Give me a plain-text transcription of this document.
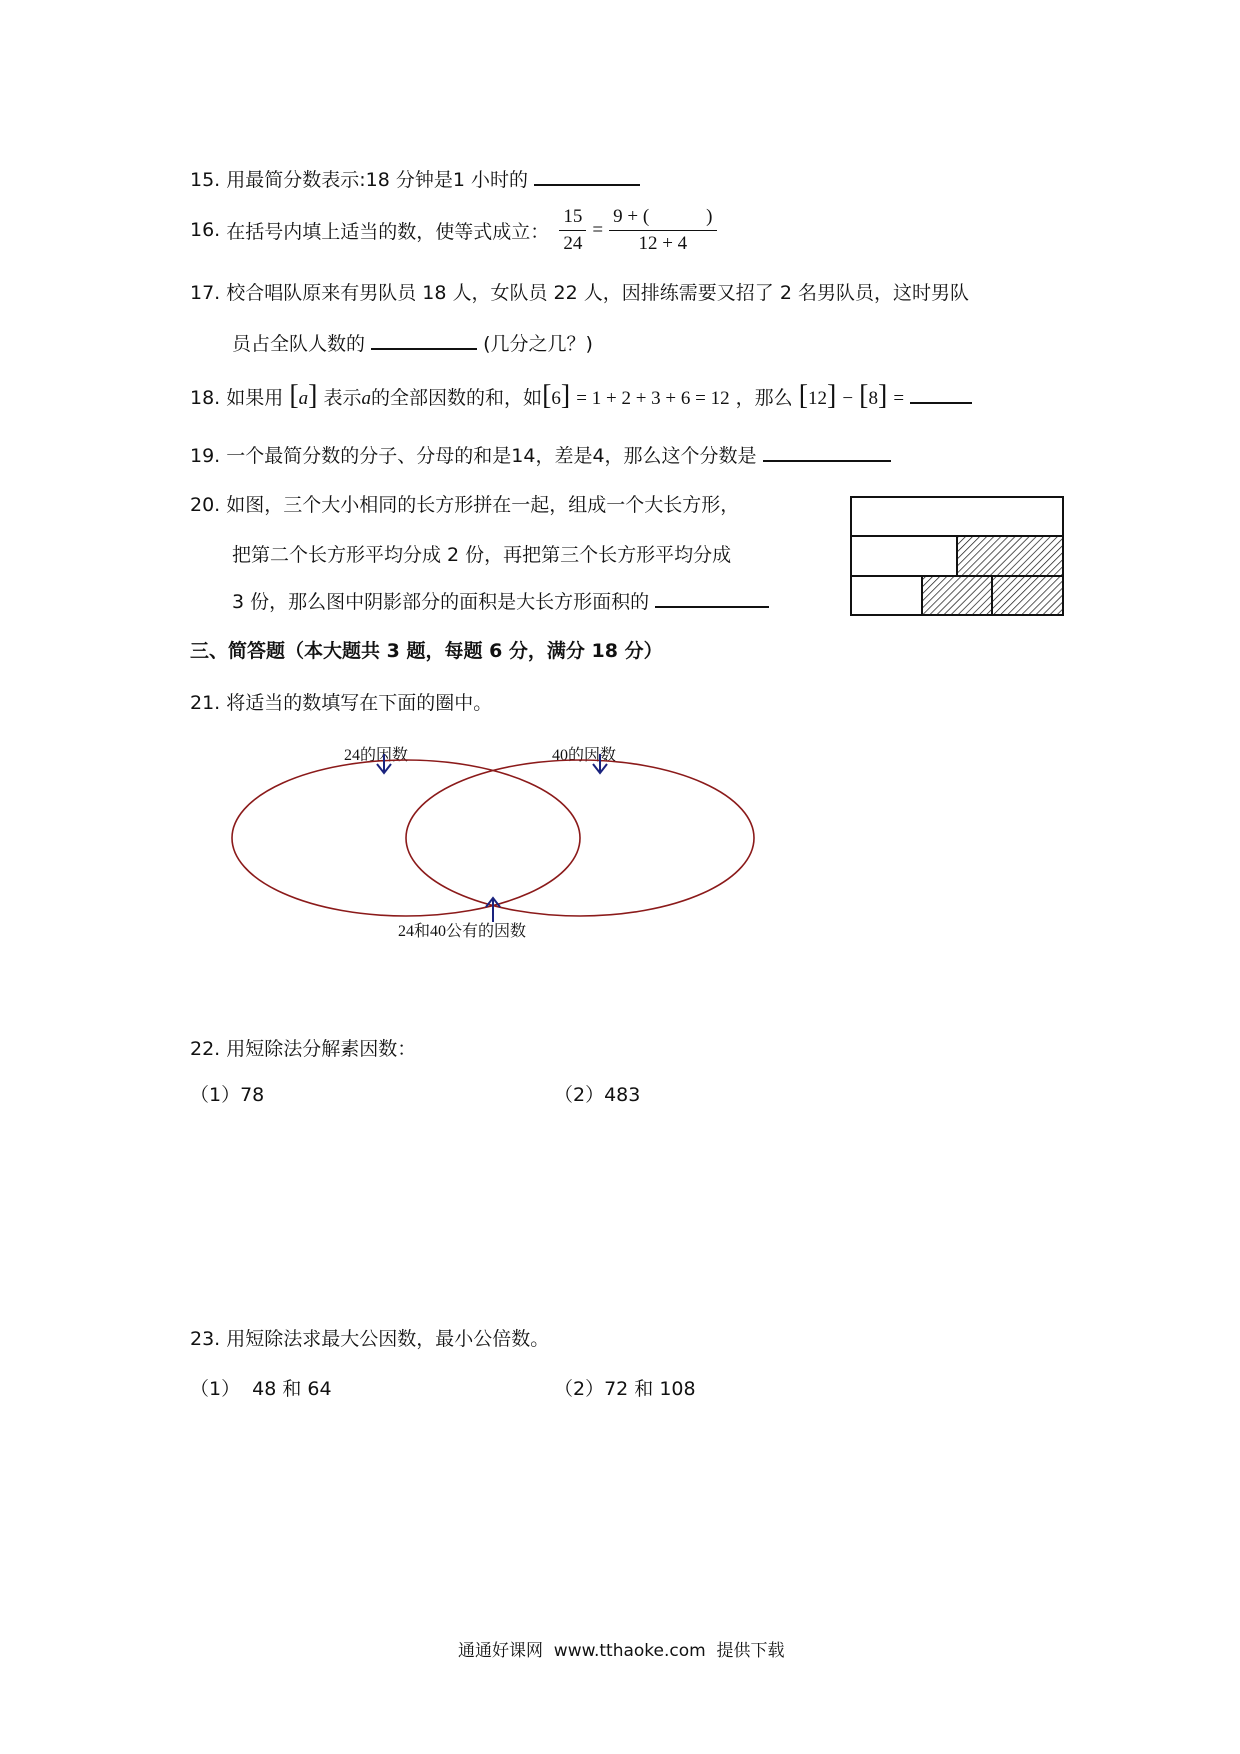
15. 用最简分数表示:18 分钟是1 小时的
16. 在括号内填上适当的数，使等式成立： $\frac{15}{24} = \frac{9 + ( )}{12 + 4}$
17. 校合唱队原来有男队员 18 人，女队员 22 人，因排练需要又招了 2 名男队员，这时男队
员占全队人数的	(几分之几？)
18. 如果用 [a] 表示a的全部因数的和，如[6] = 1 + 2 + 3 + 6 = 12 ，那么 [12] − [8] =
19. 一个最简分数的分子、分母的和是14，差是4，那么这个分数是
20. 如图，三个大小相同的长方形拼在一起，组成一个大长方形，
把第二个长方形平均分成 2 份，再把第三个长方形平均分成
3 份，那么图中阴影部分的面积是大长方形面积的
三、简答题（本大题共 3 题，每题 6 分，满分 18 分）
21. 将适当的数填写在下面的圈中。
24的因数	40的因数
24和40公有的因数
22. 用短除法分解素因数：
（1）78	（2）483
23. 用短除法求最大公因数，最小公倍数。
（1）  48 和 64	（2）72 和 108
通通好课网  www.tthaoke.com  提供下载
